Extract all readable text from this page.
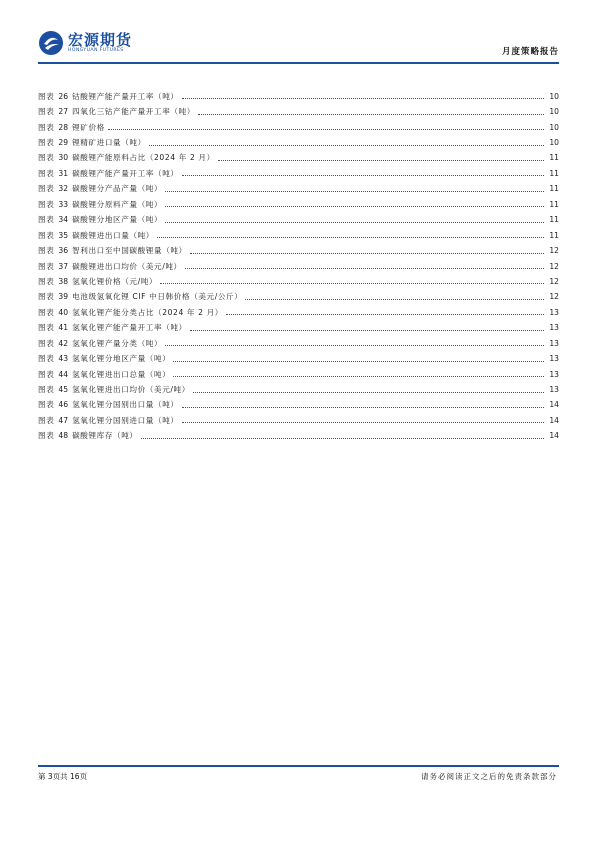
宏源期货
HONGYUAN FUTURES	月度策略报告
图表 26 钴酸锂产能产量开工率（吨）	10
图表 27 四氧化三钴产能产量开工率（吨）	10
图表 28 锂矿价格	10
图表 29 锂精矿进口量（吨）	10
图表 30 碳酸锂产能原料占比（2024 年 2 月）	11
图表 31 碳酸锂产能产量开工率（吨）	11
图表 32 碳酸锂分产品产量（吨）	11
图表 33 碳酸锂分原料产量（吨）	11
图表 34 碳酸锂分地区产量（吨）	11
图表 35 碳酸锂进出口量（吨）	11
图表 36 智利出口至中国碳酸锂量（吨）	12
图表 37 碳酸锂进出口均价（美元/吨）	12
图表 38 氢氧化锂价格（元/吨）	12
图表 39 电池级氢氧化锂 CIF 中日韩价格（美元/公斤）	12
图表 40 氢氧化锂产能分类占比（2024 年 2 月）	13
图表 41 氢氧化锂产能产量开工率（吨）	13
图表 42 氢氧化锂产量分类（吨）	13
图表 43 氢氧化锂分地区产量（吨）	13
图表 44 氢氧化锂进出口总量（吨）	13
图表 45 氢氧化锂进出口均价（美元/吨）	13
图表 46 氢氧化锂分国别出口量（吨）	14
图表 47 氢氧化锂分国别进口量（吨）	14
图表 48 碳酸锂库存（吨）	14
第 3页共 16页	请务必阅读正文之后的免责条款部分
